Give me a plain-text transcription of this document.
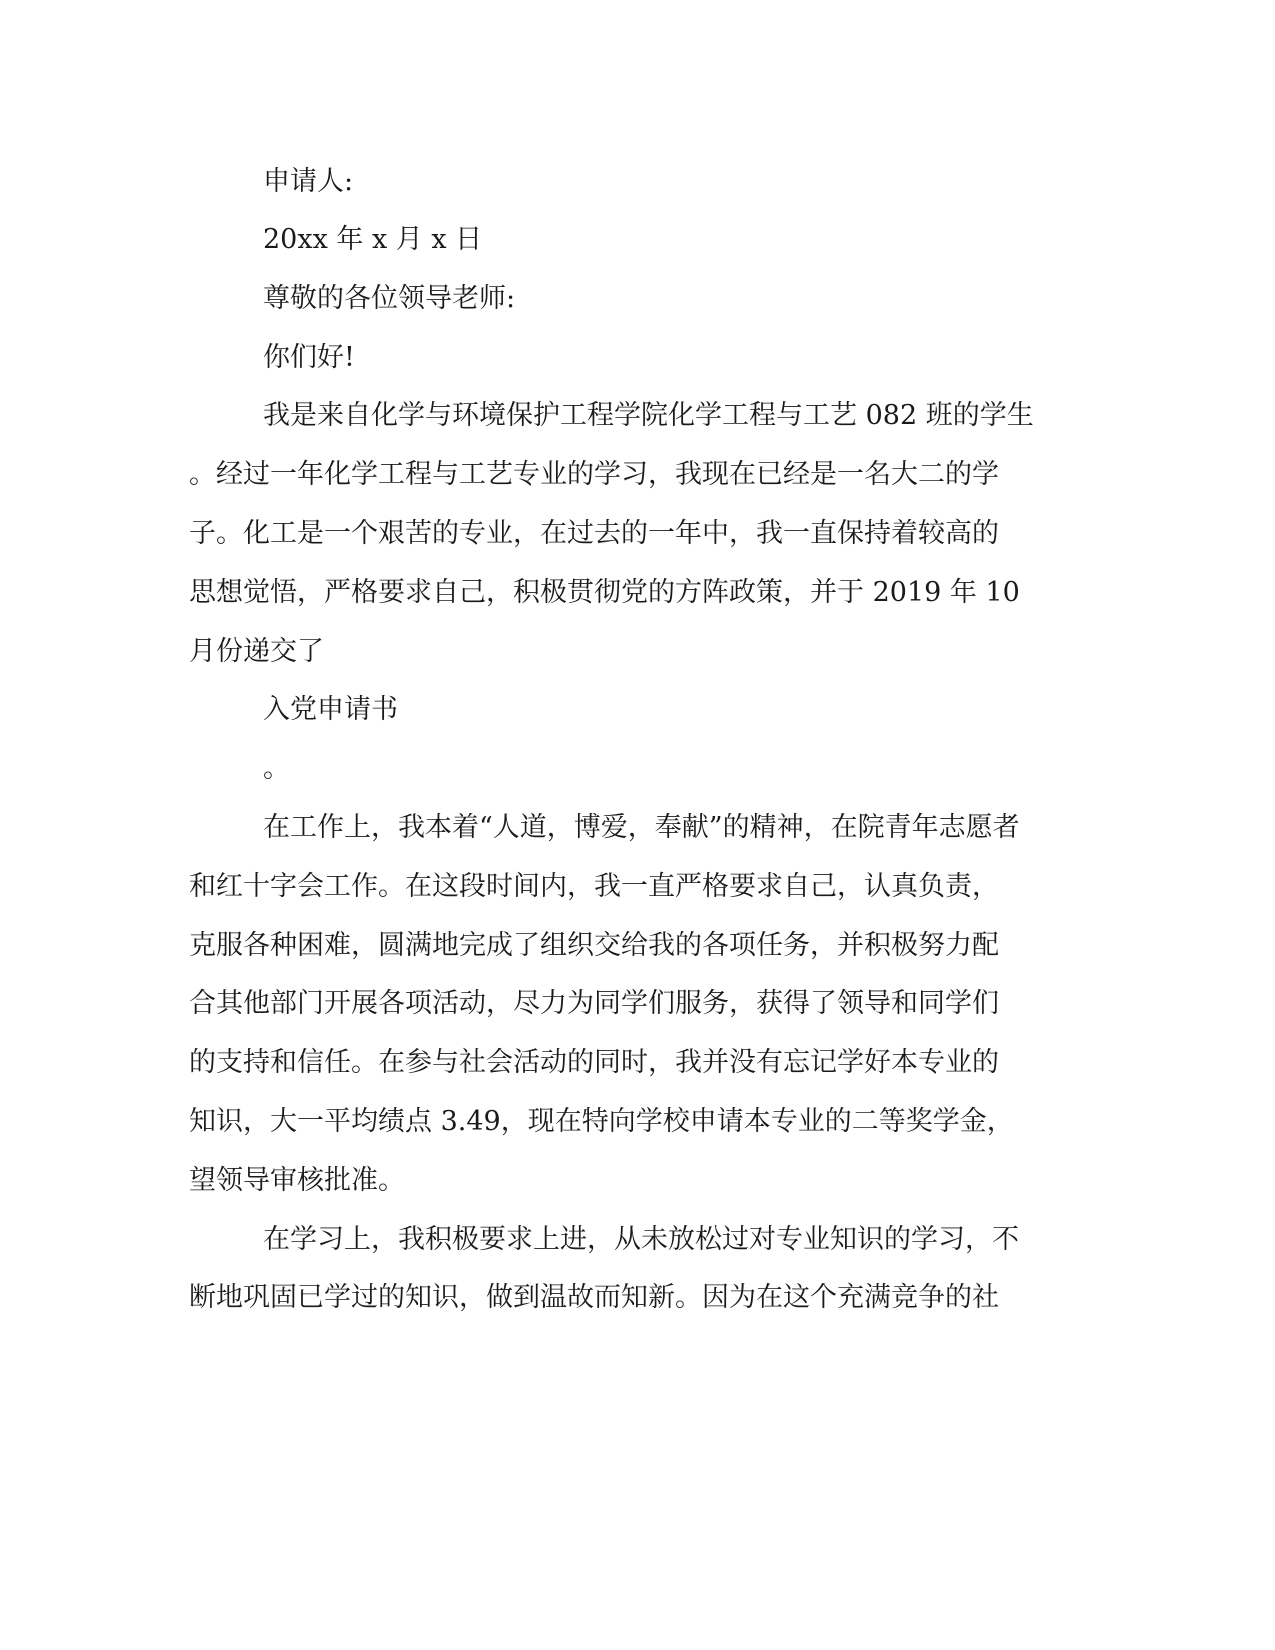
申请人:
20xx 年 x 月 x 日
尊敬的各位领导老师:
你们好!
我是来自化学与环境保护工程学院化学工程与工艺 082 班的学生
。经过一年化学工程与工艺专业的学习，我现在已经是一名大二的学
子。化工是一个艰苦的专业，在过去的一年中，我一直保持着较高的
思想觉悟，严格要求自己，积极贯彻党的方阵政策，并于 2019 年 10
月份递交了
入党申请书
。
在工作上，我本着“人道，博爱，奉献”的精神，在院青年志愿者
和红十字会工作。在这段时间内，我一直严格要求自己，认真负责，
克服各种困难，圆满地完成了组织交给我的各项任务，并积极努力配
合其他部门开展各项活动，尽力为同学们服务，获得了领导和同学们
的支持和信任。在参与社会活动的同时，我并没有忘记学好本专业的
知识，大一平均绩点 3.49，现在特向学校申请本专业的二等奖学金，
望领导审核批准。
在学习上，我积极要求上进，从未放松过对专业知识的学习，不
断地巩固已学过的知识，做到温故而知新。因为在这个充满竞争的社
